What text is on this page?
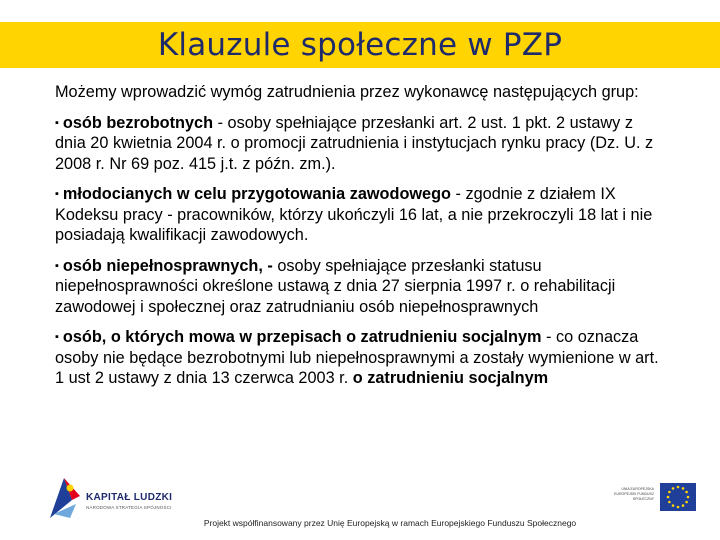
Klauzule społeczne w PZP

Możemy wprowadzić wymóg zatrudnienia przez wykonawcę następujących grup:

▪ osób bezrobotnych - osoby spełniające przesłanki art. 2 ust. 1 pkt. 2 ustawy z dnia 20 kwietnia 2004 r. o promocji zatrudnienia i instytucjach rynku pracy (Dz. U. z 2008 r. Nr 69 poz. 415 j.t. z późn. zm.).

▪ młodocianych w celu przygotowania zawodowego - zgodnie z działem IX Kodeksu pracy - pracowników, którzy ukończyli 16 lat, a nie przekroczyli 18 lat i nie posiadają kwalifikacji zawodowych.

▪ osób niepełnosprawnych, - osoby spełniające przesłanki statusu niepełnosprawności określone ustawą z dnia 27 sierpnia 1997 r. o rehabilitacji zawodowej i społecznej oraz zatrudnianiu osób niepełnosprawnych

▪ osób, o których mowa w przepisach o zatrudnieniu socjalnym - co oznacza osoby nie będące bezrobotnymi lub niepełnosprawnymi a zostały wymienione w art. 1 ust 2 ustawy z dnia 13 czerwca 2003 r. o zatrudnieniu socjalnym

KAPITAŁ LUDZKI
NARODOWA STRATEGIA SPÓJNOŚCI
UNIA EUROPEJSKA EUROPEJSKI FUNDUSZ SPOŁECZNY
Projekt współfinansowany przez Unię Europejską w ramach Europejskiego Funduszu Społecznego
